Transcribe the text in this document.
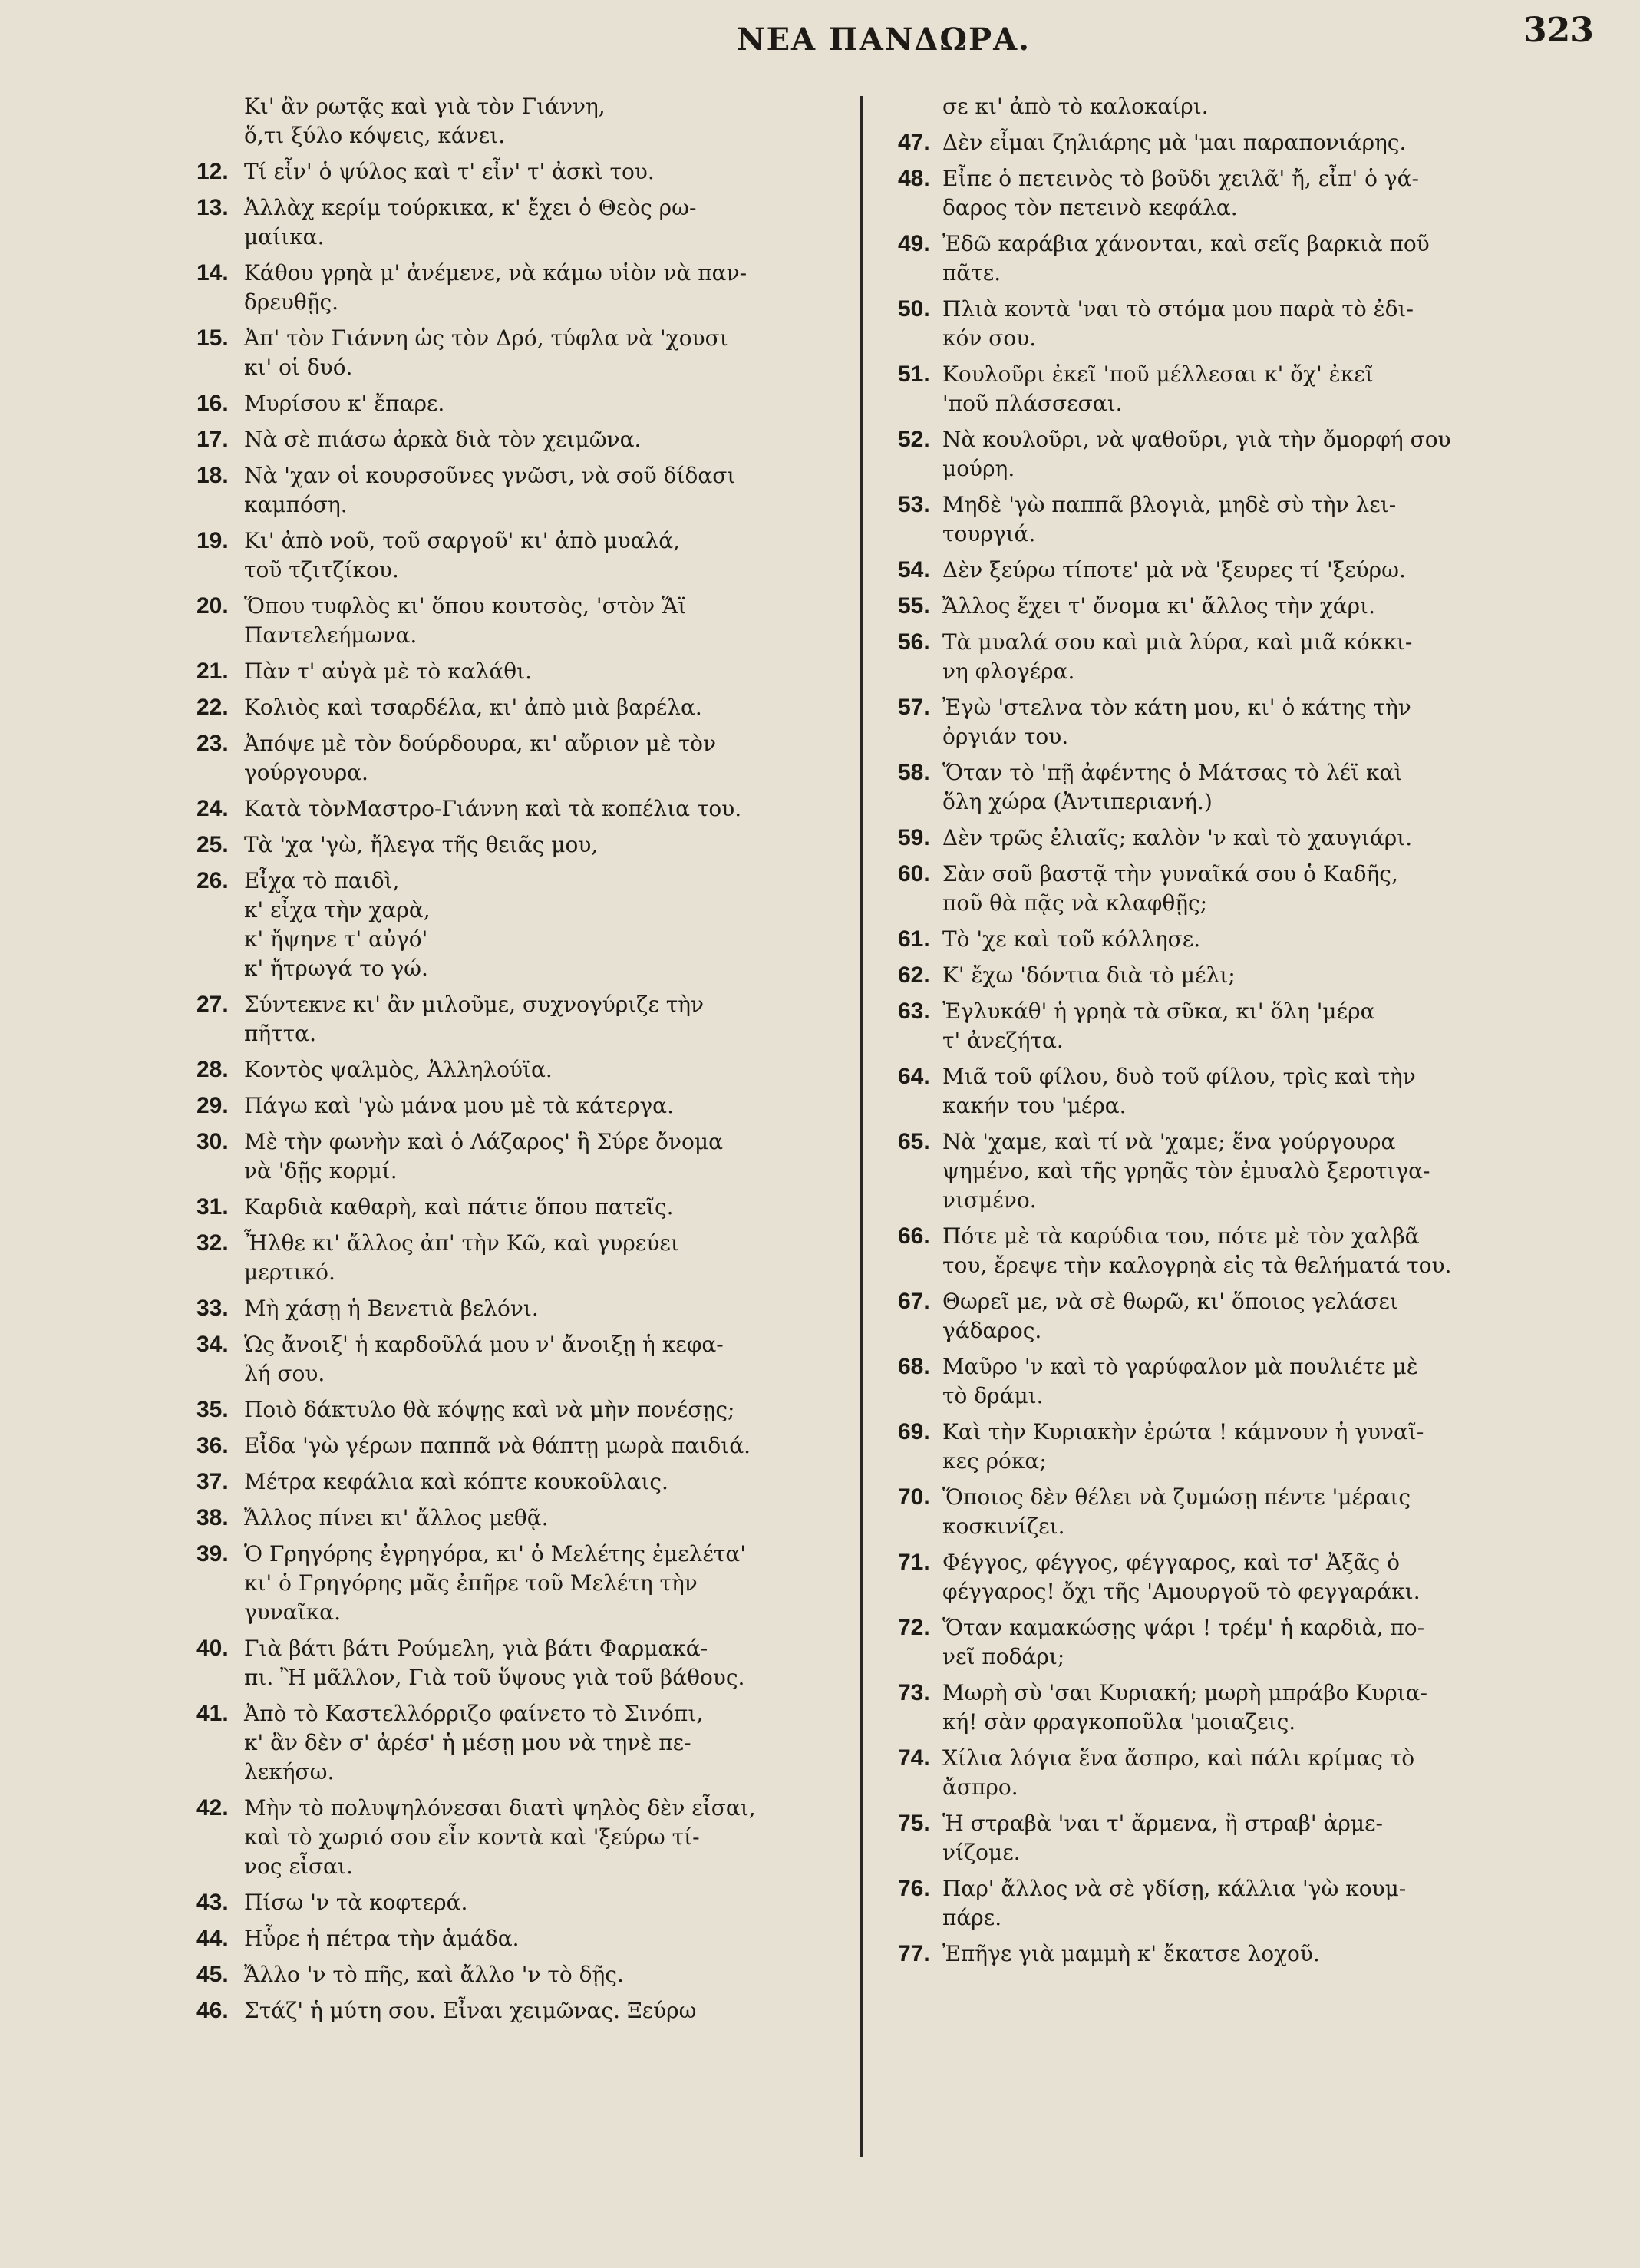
ΝΕΑ ΠΑΝΔΩΡΑ.	323
Κι' ἂν ρωτᾷς καὶ γιὰ τὸν Γιάννη,
ὅ,τι ξύλο κόψεις, κάνει.
12. Τί εἶν' ὁ ψύλος καὶ τ' εἶν' τ' ἀσκὶ του.
13. Ἀλλὰχ κερίμ τούρκικα, κ' ἔχει ὁ Θεὸς ρω-
μαίικα.
14. Κάθου γρηὰ μ' ἀνέμενε, νὰ κάμω υἱὸν νὰ παν-
δρευθῇς.
15. Ἀπ' τὸν Γιάννη ὡς τὸν Δρό, τύφλα νὰ 'χουσι
κι' οἱ δυό.
16. Μυρίσου κ' ἔπαρε.
17. Νὰ σὲ πιάσω ἀρκὰ διὰ τὸν χειμῶνα.
18. Νὰ 'χαν οἱ κουρσοῦνες γνῶσι, νὰ σοῦ δίδασι
καμπόση.
19. Κι' ἀπὸ νοῦ, τοῦ σαργοῦ' κι' ἀπὸ μυαλά,
τοῦ τζιτζίκου.
20. Ὅπου τυφλὸς κι' ὅπου κουτσὸς, 'στὸν Ἅϊ
Παντελεήμωνα.
21. Πὰν τ' αὐγὰ μὲ τὸ καλάθι.
22. Κολιὸς καὶ τσαρδέλα, κι' ἀπὸ μιὰ βαρέλα.
23. Ἀπόψε μὲ τὸν δούρδουρα, κι' αὔριον μὲ τὸν
γούργουρα.
24. Κατὰ τὸνΜαστρο-Γιάννη καὶ τὰ κοπέλια του.
25. Τὰ 'χα 'γὼ, ἤλεγα τῆς θειᾶς μου,
26. Εἶχα τὸ παιδὶ,
κ' εἶχα τὴν χαρὰ,
κ' ἤψηνε τ' αὐγό'
κ' ἤτρωγά το γώ.
27. Σύντεκνε κι' ἂν μιλοῦμε, συχνογύριζε τὴν
πῆττα.
28. Κοντὸς ψαλμὸς, Ἀλληλούϊα.
29. Πάγω καὶ 'γὼ μάνα μου μὲ τὰ κάτεργα.
30. Μὲ τὴν φωνὴν καὶ ὁ Λάζαρος' ἢ Σύρε ὄνομα
νὰ 'δῇς κορμί.
31. Καρδιὰ καθαρὴ, καὶ πάτιε ὅπου πατεῖς.
32. Ἦλθε κι' ἄλλος ἀπ' τὴν Κῶ, καὶ γυρεύει
μερτικό.
33. Μὴ χάσῃ ἡ Βενετιὰ βελόνι.
34. Ὡς ἄνοιξ' ἡ καρδοῦλά μου ν' ἄνοιξῃ ἡ κεφα-
λή σου.
35. Ποιὸ δάκτυλο θὰ κόψῃς καὶ νὰ μὴν πονέσῃς;
36. Εἶδα 'γὼ γέρων παππᾶ νὰ θάπτῃ μωρὰ παιδιά.
37. Μέτρα κεφάλια καὶ κόπτε κουκοῦλαις.
38. Ἄλλος πίνει κι' ἄλλος μεθᾷ.
39. Ὁ Γρηγόρης ἐγρηγόρα, κι' ὁ Μελέτης ἐμελέτα'
κι' ὁ Γρηγόρης μᾶς ἐπῆρε τοῦ Μελέτη τὴν
γυναῖκα.
40. Γιὰ βάτι βάτι Ρούμελη, γιὰ βάτι Φαρμακά-
πι. Ἢ μᾶλλον, Γιὰ τοῦ ὕψους γιὰ τοῦ βάθους.
41. Ἀπὸ τὸ Καστελλόρριζο φαίνετο τὸ Σινόπι,
κ' ἂν δὲν σ' ἀρέσ' ἡ μέσῃ μου νὰ τηνὲ πε-
λεκήσω.
42. Μὴν τὸ πολυψηλόνεσαι διατὶ ψηλὸς δὲν εἶσαι,
καὶ τὸ χωριό σου εἶν κοντὰ καὶ 'ξεύρω τί-
νος εἶσαι.
43. Πίσω 'ν τὰ κοφτερά.
44. Ηὗρε ἡ πέτρα τὴν ἁμάδα.
45. Ἄλλο 'ν τὸ πῆς, καὶ ἄλλο 'ν τὸ δῇς.
46. Στάζ' ἡ μύτη σου. Εἶναι χειμῶνας. Ξεύρω
σε κι' ἀπὸ τὸ καλοκαίρι.
47. Δὲν εἶμαι ζηλιάρης μὰ 'μαι παραπονιάρης.
48. Εἶπε ὁ πετεινὸς τὸ βοῦδι χειλᾶ' ἤ, εἶπ' ὁ γά-
δαρος τὸν πετεινὸ κεφάλα.
49. Ἐδῶ καράβια χάνονται, καὶ σεῖς βαρκιὰ ποῦ
πᾶτε.
50. Πλιὰ κοντὰ 'ναι τὸ στόμα μου παρὰ τὸ ἐδι-
κόν σου.
51. Κουλοῦρι ἐκεῖ 'ποῦ μέλλεσαι κ' ὄχ' ἐκεῖ
'ποῦ πλάσσεσαι.
52. Νὰ κουλοῦρι, νὰ ψαθοῦρι, γιὰ τὴν ὄμορφή σου
μούρη.
53. Μηδὲ 'γὼ παππᾶ βλογιὰ, μηδὲ σὺ τὴν λει-
τουργιά.
54. Δὲν ξεύρω τίποτε' μὰ νὰ 'ξευρες τί 'ξεύρω.
55. Ἄλλος ἔχει τ' ὄνομα κι' ἄλλος τὴν χάρι.
56. Τὰ μυαλά σου καὶ μιὰ λύρα, καὶ μιᾶ κόκκι-
νη φλογέρα.
57. Ἐγὼ 'στελνα τὸν κάτη μου, κι' ὁ κάτης τὴν
ὀργιάν του.
58. Ὅταν τὸ 'πῇ ἀφέντης ὁ Μάτσας τὸ λέϊ καὶ
ὅλη χώρα (Ἀντιπεριανή.)
59. Δὲν τρῶς ἐλιαῖς; καλὸν 'ν καὶ τὸ χαυγιάρι.
60. Σὰν σοῦ βαστᾷ τὴν γυναῖκά σου ὁ Καδῆς,
ποῦ θὰ πᾷς νὰ κλαφθῇς;
61. Τὸ 'χε καὶ τοῦ κόλλησε.
62. Κ' ἔχω 'δόντια διὰ τὸ μέλι;
63. Ἐγλυκάθ' ἡ γρηὰ τὰ σῦκα, κι' ὅλη 'μέρα
τ' ἀνεζήτα.
64. Μιᾶ τοῦ φίλου, δυὸ τοῦ φίλου, τρὶς καὶ τὴν
κακήν του 'μέρα.
65. Νὰ 'χαμε, καὶ τί νὰ 'χαμε; ἕνα γούργουρα
ψημένο, καὶ τῆς γρηᾶς τὸν ἐμυαλὸ ξεροτιγα-
νισμένο.
66. Πότε μὲ τὰ καρύδια του, πότε μὲ τὸν χαλβᾶ
του, ἔρεψε τὴν καλογρηὰ εἰς τὰ θελήματά του.
67. Θωρεῖ με, νὰ σὲ θωρῶ, κι' ὅποιος γελάσει
γάδαρος.
68. Μαῦρο 'ν καὶ τὸ γαρύφαλον μὰ πουλιέτε μὲ
τὸ δράμι.
69. Καὶ τὴν Κυριακὴν ἐρώτα ! κάμνουν ἡ γυναῖ-
κες ρόκα;
70. Ὅποιος δὲν θέλει νὰ ζυμώσῃ πέντε 'μέραις
κοσκινίζει.
71. Φέγγος, φέγγος, φέγγαρος, καὶ τσ' Ἀξᾶς ὁ
φέγγαρος! ὄχι τῆς 'Αμουργοῦ τὸ φεγγαράκι.
72. Ὅταν καμακώσῃς ψάρι ! τρέμ' ἡ καρδιὰ, πο-
νεῖ ποδάρι;
73. Μωρὴ σὺ 'σαι Κυριακή; μωρὴ μπράβο Κυρια-
κή! σὰν φραγκοποῦλα 'μοιαζεις.
74. Χίλια λόγια ἕνα ἄσπρο, καὶ πάλι κρίμας τὸ
ἄσπρο.
75. Ἡ στραβὰ 'ναι τ' ἄρμενα, ἢ στραβ' ἀρμε-
νίζομε.
76. Παρ' ἄλλος νὰ σὲ γδίσῃ, κάλλια 'γὼ κουμ-
πάρε.
77. Ἐπῆγε γιὰ μαμμὴ κ' ἔκατσε λοχοῦ.
